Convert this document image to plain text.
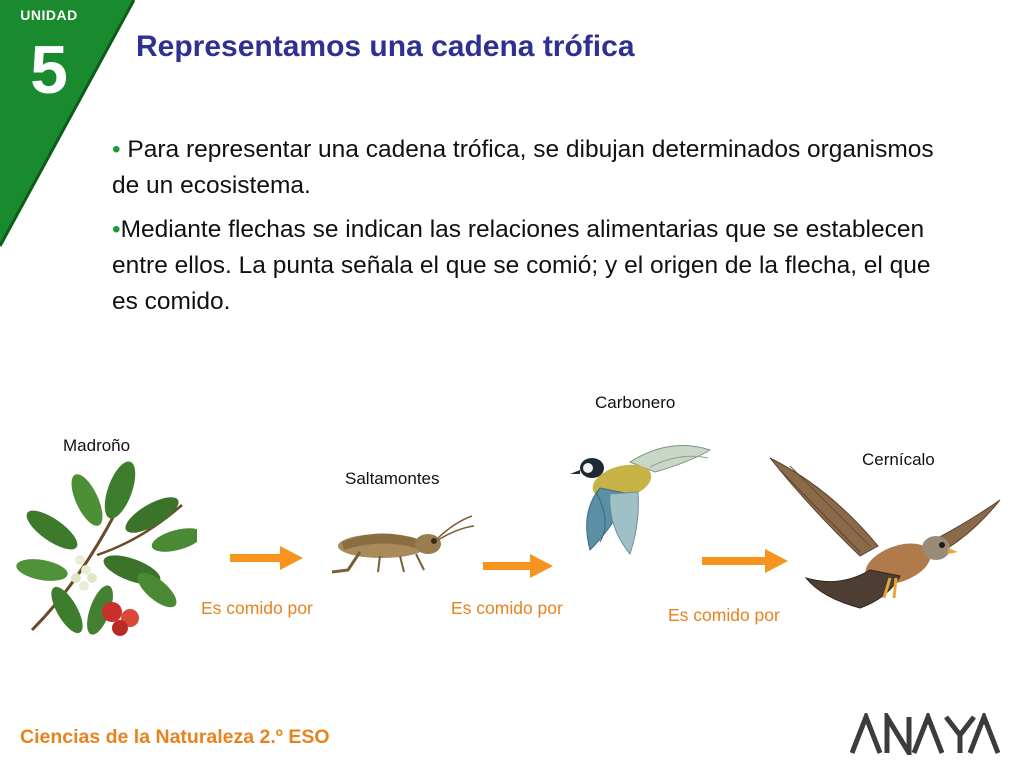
UNIDAD
5	Representamos una cadena trófica

• Para representar una cadena trófica, se dibujan determinados organismos de un ecosistema.

•Mediante flechas se indican las relaciones alimentarias que se establecen entre ellos. La punta señala el que se comió; y el origen de la flecha, el que es comido.

Madroño
Saltamontes
Carbonero
Cernícalo
Es comido por	Es comido por	Es comido por
Ciencias de la Naturaleza 2.º ESO
